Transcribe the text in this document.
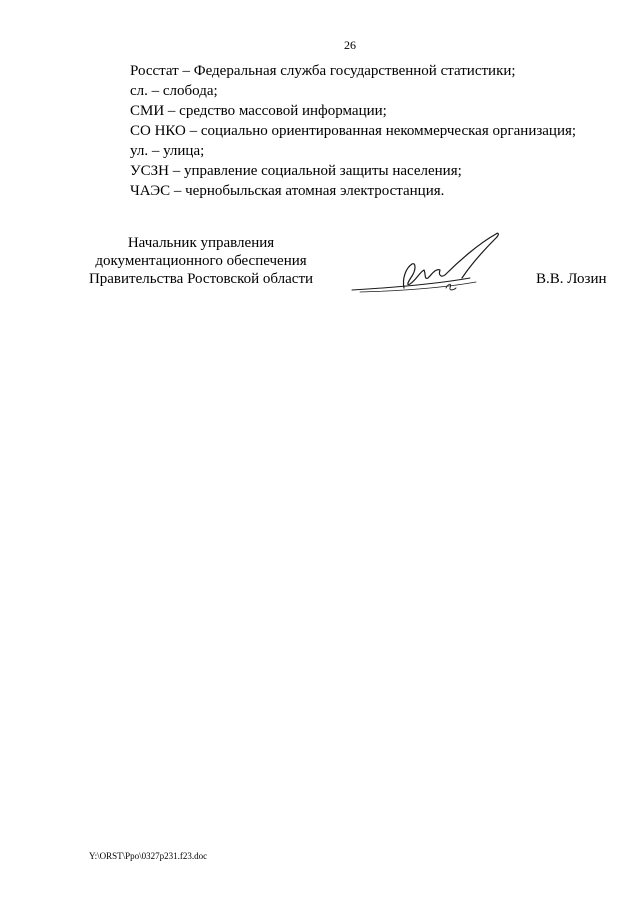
26
Росстат – Федеральная служба государственной статистики;
сл. – слобода;
СМИ – средство массовой информации;
СО НКО – социально ориентированная некоммерческая организация;
ул. – улица;
УСЗН – управление социальной защиты населения;
ЧАЭС – чернобыльская атомная электростанция.
Начальник управления
документационного обеспечения
Правительства Ростовской области	В.В. Лозин
Y:\ORST\Ppo\0327p231.f23.doc
